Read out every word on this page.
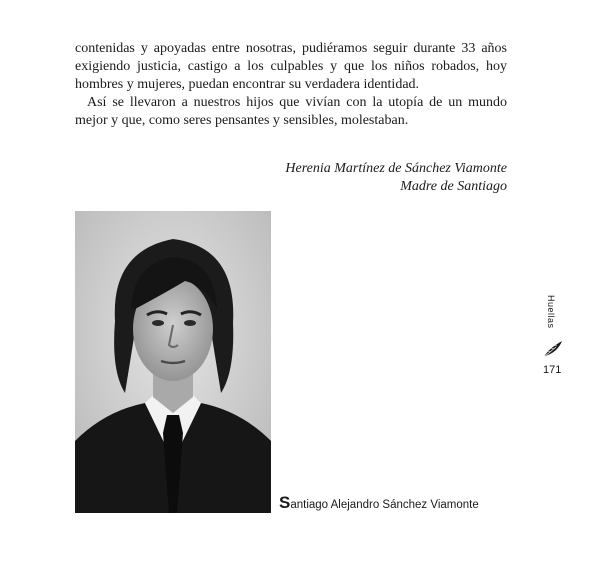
contenidas y apoyadas entre nosotras, pudiéramos seguir durante 33 años exigiendo justicia, castigo a los culpables y que los niños robados, hoy hombres y mujeres, puedan encontrar su verdadera identidad.

Así se llevaron a nuestros hijos que vivían con la utopía de un mundo mejor y que, como seres pensantes y sensibles, molestaban.

Herenia Martínez de Sánchez Viamonte
Madre de Santiago
Santiago Alejandro Sánchez Viamonte
Huellas
171
